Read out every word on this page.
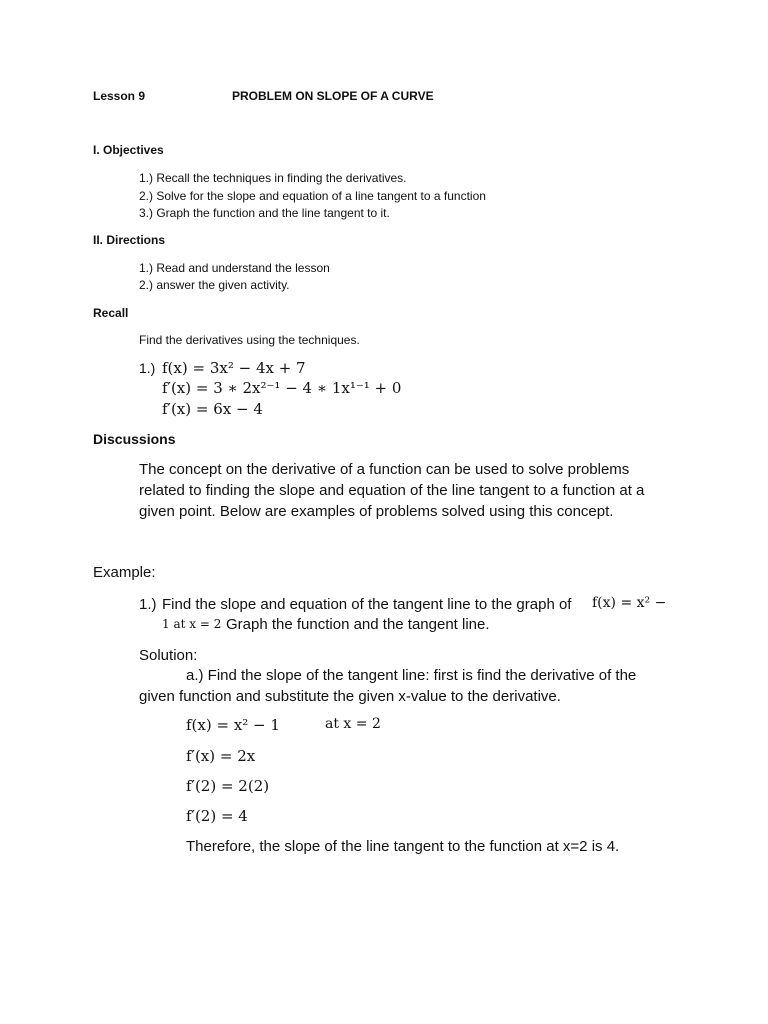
Lesson 9	PROBLEM ON SLOPE OF A CURVE
I. Objectives
1.) Recall the techniques in finding the derivatives.
2.) Solve for the slope and equation of a line tangent to a function
3.) Graph the function and the line tangent to it.
II. Directions
1.) Read and understand the lesson
2.) answer the given activity.
Recall
Find the derivatives using the techniques.
1.) f(x) = 3x² − 4x + 7
f′(x) = 3 ∗ 2x²⁻¹ − 4 ∗ 1x¹⁻¹ + 0
f′(x) = 6x − 4
Discussions
The concept on the derivative of a function can be used to solve problems related to finding the slope and equation of the line tangent to a function at a given point. Below are examples of problems solved using this concept.
Example:
1.) Find the slope and equation of the tangent line to the graph of f(x) = x² −
1 at x = 2 Graph the function and the tangent line.
Solution:
a.) Find the slope of the tangent line: first is find the derivative of the
given function and substitute the given x-value to the derivative.
f(x) = x² − 1	at x = 2
f′(x) = 2x
f′(2) = 2(2)
f′(2) = 4
Therefore, the slope of the line tangent to the function at x=2 is 4.
